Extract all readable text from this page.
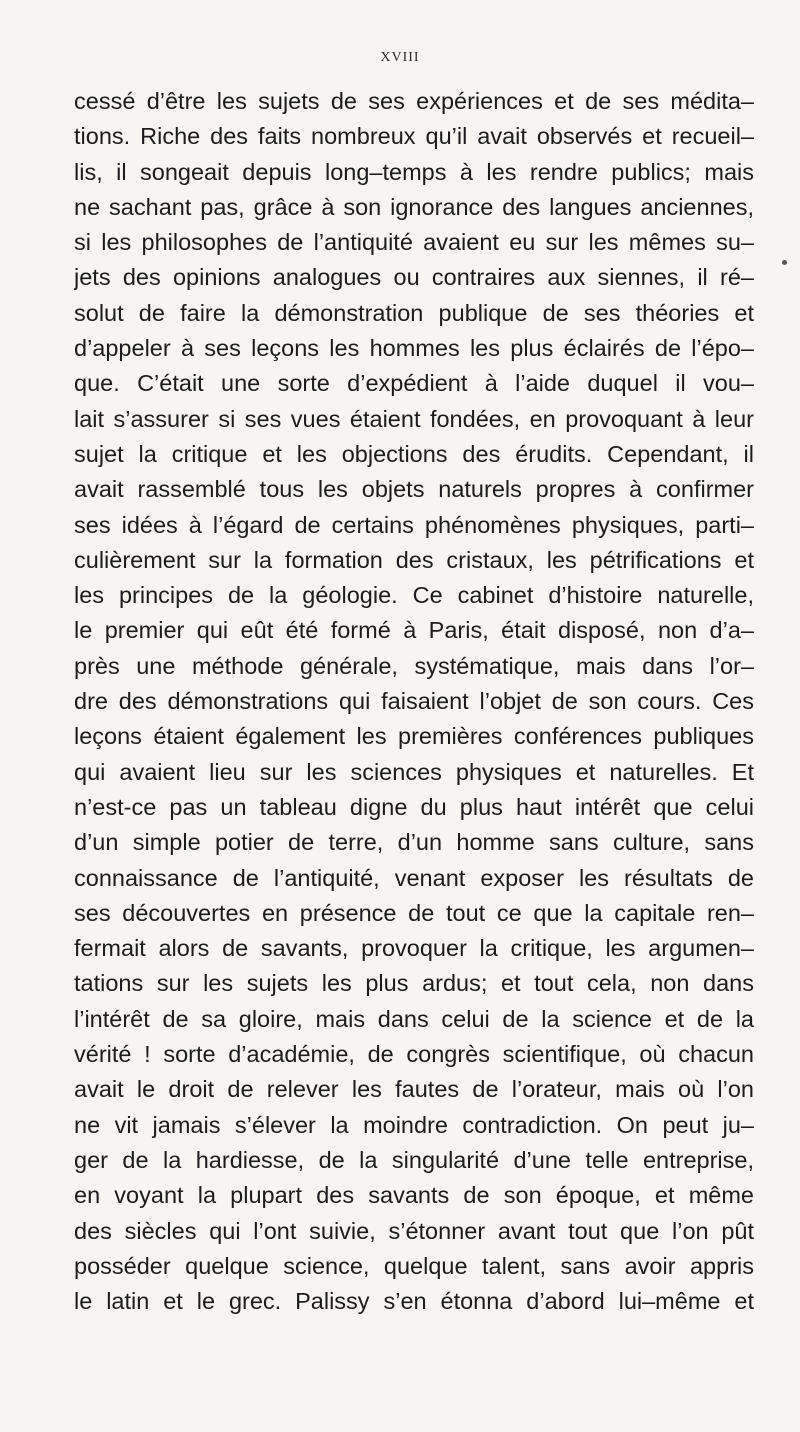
XVIII
cessé d’être les sujets de ses expériences et de ses médita–
tions. Riche des faits nombreux qu’il avait observés et recueil–
lis, il songeait depuis long–temps à les rendre publics; mais
ne sachant pas, grâce à son ignorance des langues anciennes,
si les philosophes de l’antiquité avaient eu sur les mêmes su–
jets des opinions analogues ou contraires aux siennes, il ré–
solut de faire la démonstration publique de ses théories et
d’appeler à ses leçons les hommes les plus éclairés de l’épo–
que. C’était une sorte d’expédient à l’aide duquel il vou–
lait s’assurer si ses vues étaient fondées, en provoquant à leur
sujet la critique et les objections des érudits. Cependant, il
avait rassemblé tous les objets naturels propres à confirmer
ses idées à l’égard de certains phénomènes physiques, parti–
culièrement sur la formation des cristaux, les pétrifications et
les principes de la géologie. Ce cabinet d’histoire naturelle,
le premier qui eût été formé à Paris, était disposé, non d’a–
près une méthode générale, systématique, mais dans l’or–
dre des démonstrations qui faisaient l’objet de son cours. Ces
leçons étaient également les premières conférences publiques
qui avaient lieu sur les sciences physiques et naturelles. Et
n’est-ce pas un tableau digne du plus haut intérêt que celui
d’un simple potier de terre, d’un homme sans culture, sans
connaissance de l’antiquité, venant exposer les résultats de
ses découvertes en présence de tout ce que la capitale ren–
fermait alors de savants, provoquer la critique, les argumen–
tations sur les sujets les plus ardus; et tout cela, non dans
l’intérêt de sa gloire, mais dans celui de la science et de la
vérité ! sorte d’académie, de congrès scientifique, où chacun
avait le droit de relever les fautes de l’orateur, mais où l’on
ne vit jamais s’élever la moindre contradiction. On peut ju–
ger de la hardiesse, de la singularité d’une telle entreprise,
en voyant la plupart des savants de son époque, et même
des siècles qui l’ont suivie, s’étonner avant tout que l’on pût
posséder quelque science, quelque talent, sans avoir appris
le latin et le grec. Palissy s’en étonna d’abord lui–même et
